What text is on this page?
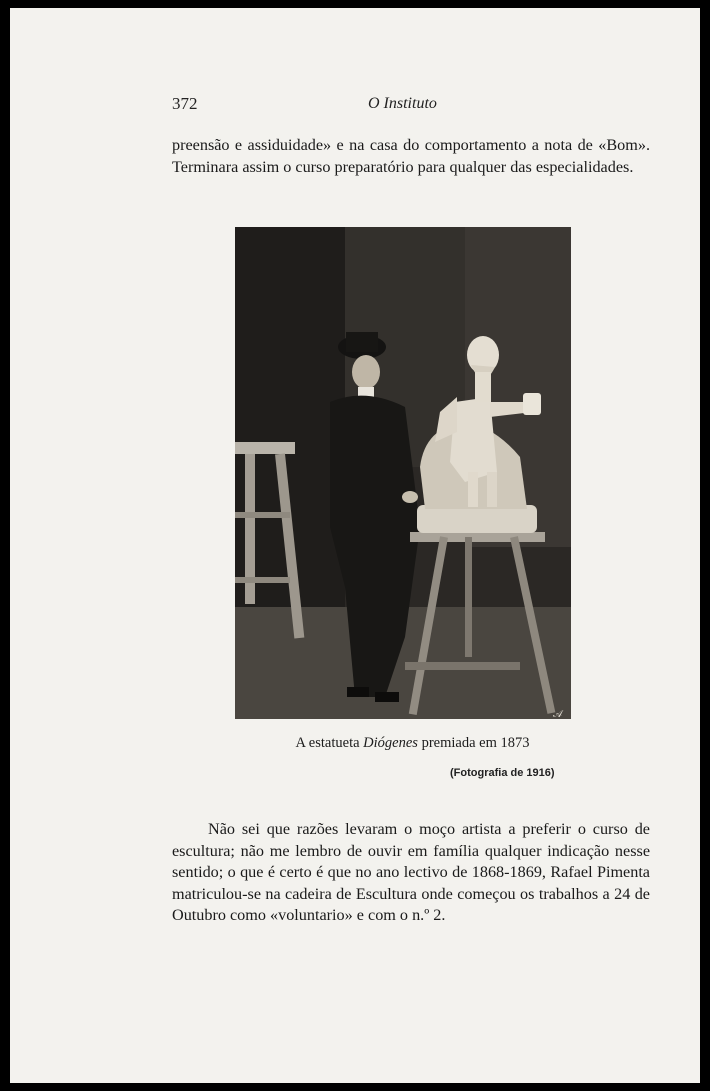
372	O Instituto
preensão e assiduidade» e na casa do comportamento a nota de «Bom». Terminara assim o curso preparatório para qualquer das especialidades.
𝒜
A estatueta Diógenes premiada em 1873
(Fotografia de 1916)
Não sei que razões levaram o moço artista a preferir o curso de escultura; não me lembro de ouvir em família qualquer indicação nesse sentido; o que é certo é que no ano lectivo de 1868-1869, Rafael Pimenta matriculou-se na cadeira de Escultura onde começou os trabalhos a 24 de Outubro como «voluntario» e com o n.º 2.
